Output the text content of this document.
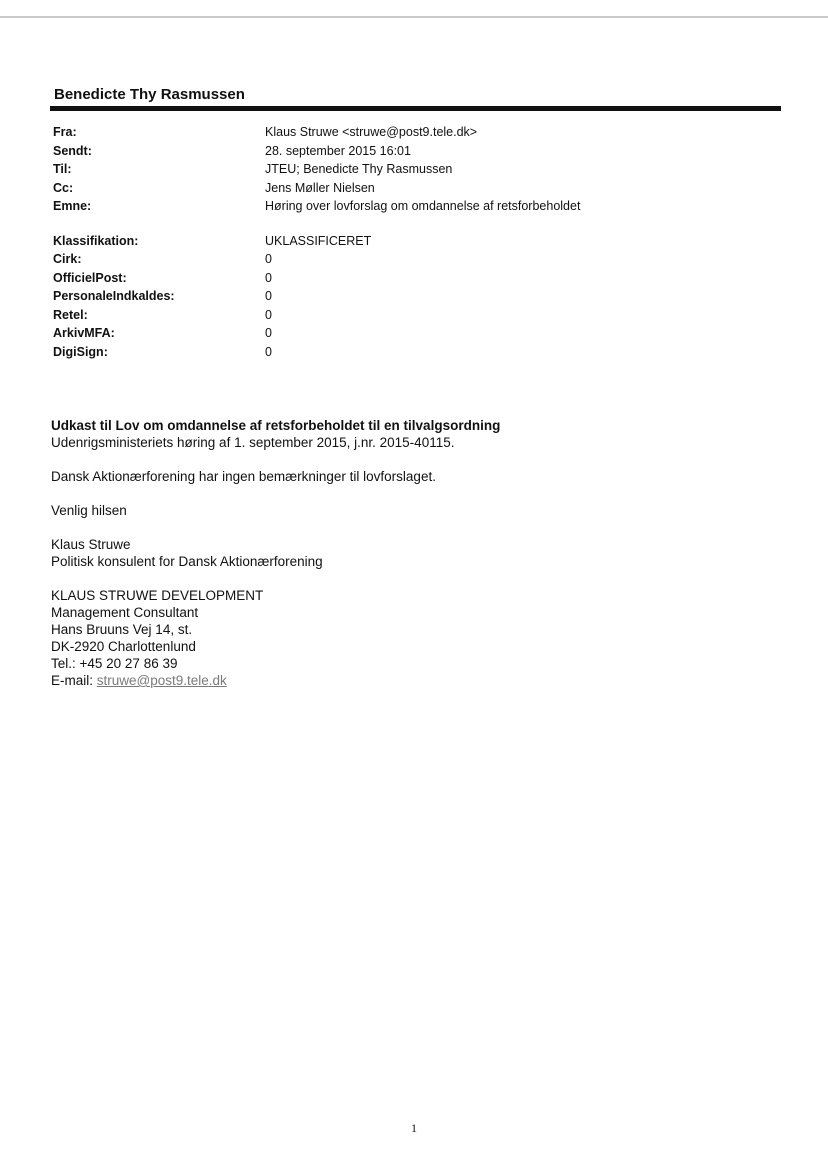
Benedicte Thy Rasmussen
Fra:	Klaus Struwe <struwe@post9.tele.dk>
Sendt:	28. september 2015 16:01
Til:	JTEU; Benedicte Thy Rasmussen
Cc:	Jens Møller Nielsen
Emne:	Høring over lovforslag om omdannelse af retsforbeholdet
Klassifikation:	UKLASSIFICERET
Cirk:	0
OfficielPost:	0
PersonaleIndkaldes:	0
Retel:	0
ArkivMFA:	0
DigiSign:	0

Udkast til Lov om omdannelse af retsforbeholdet til en tilvalgsordning

Udenrigsministeriets høring af 1. september 2015, j.nr. 2015-40115.

Dansk Aktionærforening har ingen bemærkninger til lovforslaget.

Venlig hilsen

Klaus Struwe

Politisk konsulent for Dansk Aktionærforening

KLAUS STRUWE DEVELOPMENT

Management Consultant

Hans Bruuns Vej 14, st.

DK-2920 Charlottenlund

Tel.: +45 20 27 86 39

E-mail: struwe@post9.tele.dk

1
